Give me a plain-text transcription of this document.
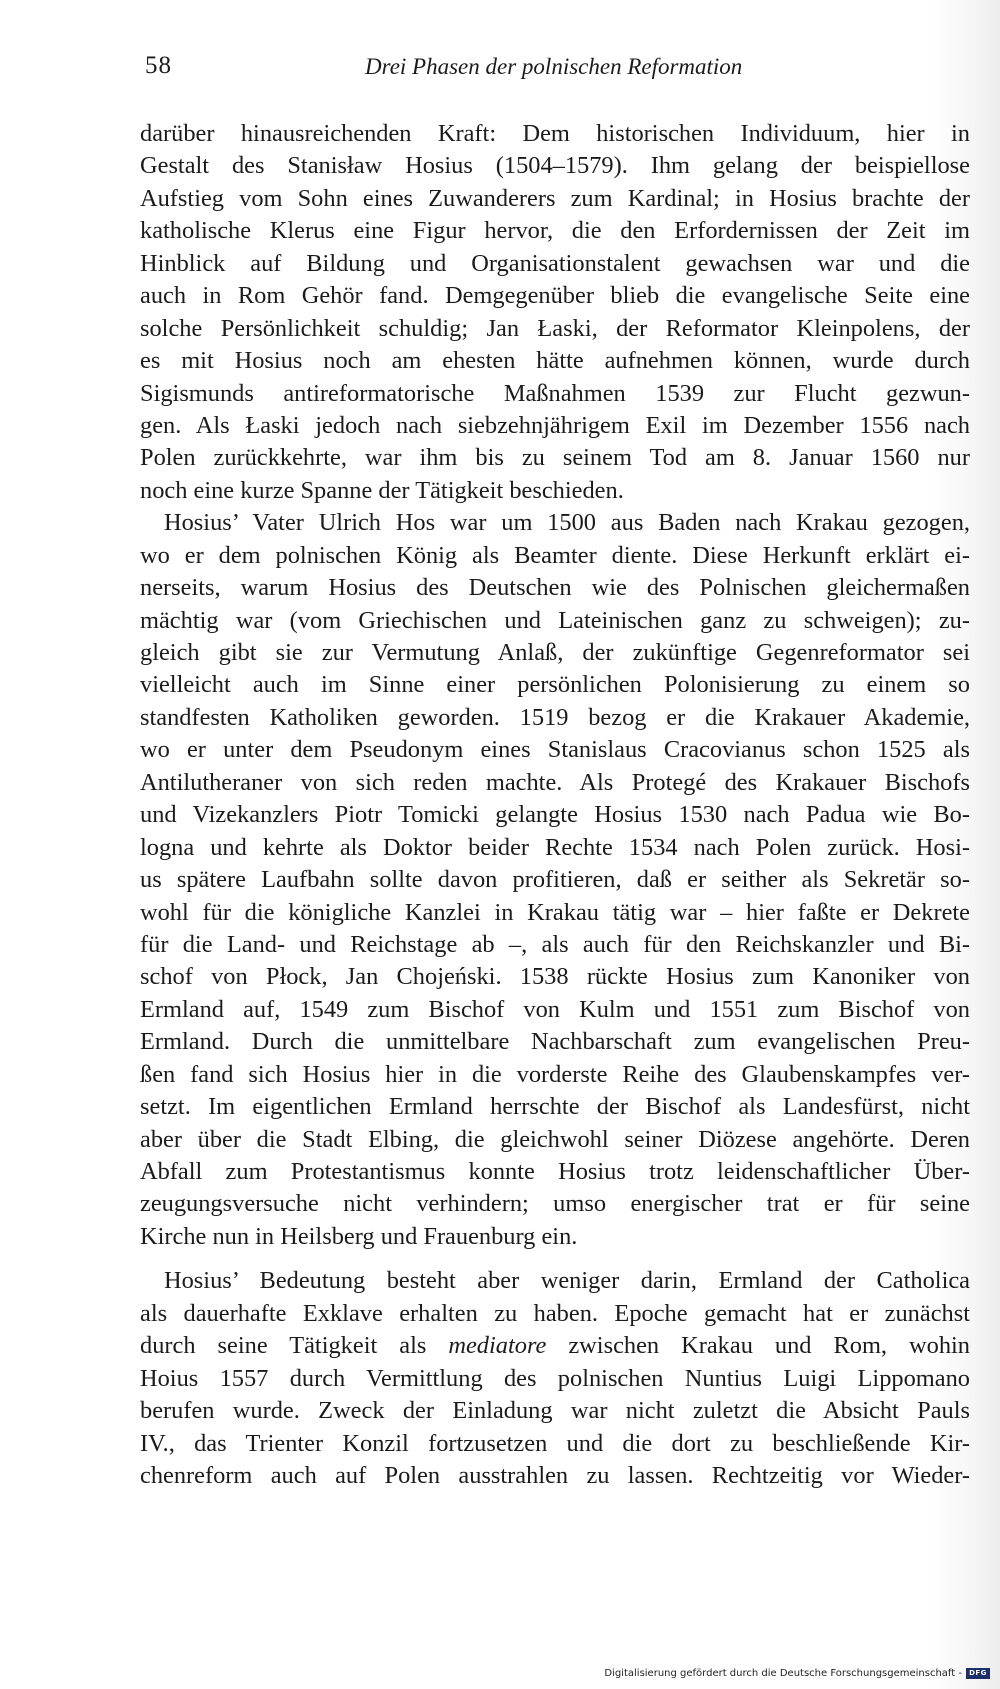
58	Drei Phasen der polnischen Reformation
darüber hinausreichenden Kraft: Dem historischen Individuum, hier in
Gestalt des Stanisław Hosius (1504–1579). Ihm gelang der beispiellose
Aufstieg vom Sohn eines Zuwanderers zum Kardinal; in Hosius brachte der
katholische Klerus eine Figur hervor, die den Erfordernissen der Zeit im
Hinblick auf Bildung und Organisationstalent gewachsen war und die
auch in Rom Gehör fand. Demgegenüber blieb die evangelische Seite eine
solche Persönlichkeit schuldig; Jan Łaski, der Reformator Kleinpolens, der
es mit Hosius noch am ehesten hätte aufnehmen können, wurde durch
Sigismunds antireformatorische Maßnahmen 1539 zur Flucht gezwun-
gen. Als Łaski jedoch nach siebzehnjährigem Exil im Dezember 1556 nach
Polen zurückkehrte, war ihm bis zu seinem Tod am 8. Januar 1560 nur
noch eine kurze Spanne der Tätigkeit beschieden.
Hosius’ Vater Ulrich Hos war um 1500 aus Baden nach Krakau gezogen,
wo er dem polnischen König als Beamter diente. Diese Herkunft erklärt ei-
nerseits, warum Hosius des Deutschen wie des Polnischen gleichermaßen
mächtig war (vom Griechischen und Lateinischen ganz zu schweigen); zu-
gleich gibt sie zur Vermutung Anlaß, der zukünftige Gegenreformator sei
vielleicht auch im Sinne einer persönlichen Polonisierung zu einem so
standfesten Katholiken geworden. 1519 bezog er die Krakauer Akademie,
wo er unter dem Pseudonym eines Stanislaus Cracovianus schon 1525 als
Antilutheraner von sich reden machte. Als Protegé des Krakauer Bischofs
und Vizekanzlers Piotr Tomicki gelangte Hosius 1530 nach Padua wie Bo-
logna und kehrte als Doktor beider Rechte 1534 nach Polen zurück. Hosi-
us spätere Laufbahn sollte davon profitieren, daß er seither als Sekretär so-
wohl für die königliche Kanzlei in Krakau tätig war – hier faßte er Dekrete
für die Land- und Reichstage ab –, als auch für den Reichskanzler und Bi-
schof von Płock, Jan Chojeński. 1538 rückte Hosius zum Kanoniker von
Ermland auf, 1549 zum Bischof von Kulm und 1551 zum Bischof von
Ermland. Durch die unmittelbare Nachbarschaft zum evangelischen Preu-
ßen fand sich Hosius hier in die vorderste Reihe des Glaubenskampfes ver-
setzt. Im eigentlichen Ermland herrschte der Bischof als Landesfürst, nicht
aber über die Stadt Elbing, die gleichwohl seiner Diözese angehörte. Deren
Abfall zum Protestantismus konnte Hosius trotz leidenschaftlicher Über-
zeugungsversuche nicht verhindern; umso energischer trat er für seine
Kirche nun in Heilsberg und Frauenburg ein.
Hosius’ Bedeutung besteht aber weniger darin, Ermland der Catholica
als dauerhafte Exklave erhalten zu haben. Epoche gemacht hat er zunächst
durch seine Tätigkeit als mediatore zwischen Krakau und Rom, wohin
Hoius 1557 durch Vermittlung des polnischen Nuntius Luigi Lippomano
berufen wurde. Zweck der Einladung war nicht zuletzt die Absicht Pauls
IV., das Trienter Konzil fortzusetzen und die dort zu beschließende Kir-
chenreform auch auf Polen ausstrahlen zu lassen. Rechtzeitig vor Wieder-
Digitalisierung gefördert durch die Deutsche Forschungsgemeinschaft -	DFG
